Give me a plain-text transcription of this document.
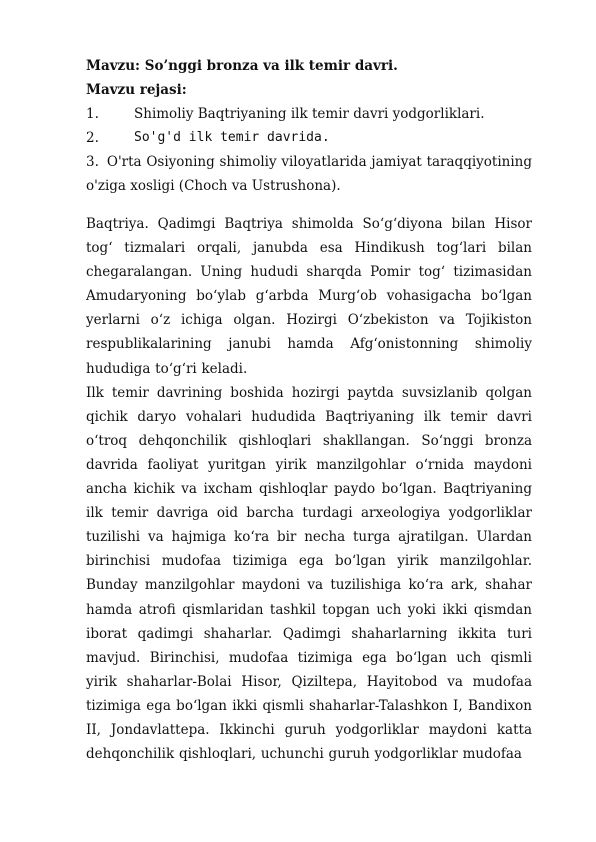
Mavzu: So’nggi bronza va ilk temir davri.
Mavzu rejasi:
1.	Shimoliy Baqtriyaning ilk temir davri yodgorliklari.
2.	So'g'd ilk temir davrida.
3. O'rta Osiyoning shimoliy viloyatlarida jamiyat taraqqiyotining o'ziga xosligi (Choch va Ustrushona).

Baqtriya. Qadimgi Baqtriya shimolda So‘g‘diyona bilan Hisor tog‘ tizmalari orqali, janubda esa Hindikush tog‘lari bilan chegaralangan. Uning hududi sharqda Pomir tog‘ tizimasidan Amudaryoning bo‘ylab g‘arbda Murg‘ob vohasigacha bo‘lgan yerlarni o‘z ichiga olgan. Hozirgi O‘zbekiston va Tojikiston respublikalarining janubi hamda Afg‘onistonning shimoliy hududiga to‘g‘ri keladi.

Ilk temir davrining boshida hozirgi paytda suvsizlanib qolgan qichik daryo vohalari hududida Baqtriyaning ilk temir davri o‘troq dehqonchilik qishloqlari shakllangan. So‘nggi bronza davrida faoliyat yuritgan yirik manzilgohlar o‘rnida maydoni ancha kichik va ixcham qishloqlar paydo bo‘lgan. Baqtriyaning ilk temir davriga oid barcha turdagi arxeologiya yodgorliklar tuzilishi va hajmiga ko‘ra bir necha turga ajratilgan. Ulardan birinchisi mudofaa tizimiga ega bo‘lgan yirik manzilgohlar. Bunday manzilgohlar maydoni va tuzilishiga ko‘ra ark, shahar hamda atrofi qismlaridan tashkil topgan uch yoki ikki qismdan iborat qadimgi shaharlar. Qadimgi shaharlarning ikkita turi mavjud. Birinchisi, mudofaa tizimiga ega bo‘lgan uch qismli yirik shaharlar-Bolai Hisor, Qiziltepa, Hayitobod va mudofaa tizimiga ega bo‘lgan ikki qismli shaharlar-Talashkon I, Bandixon II, Jondavlattepa. Ikkinchi guruh yodgorliklar maydoni katta dehqonchilik qishloqlari, uchunchi guruh yodgorliklar mudofaa
